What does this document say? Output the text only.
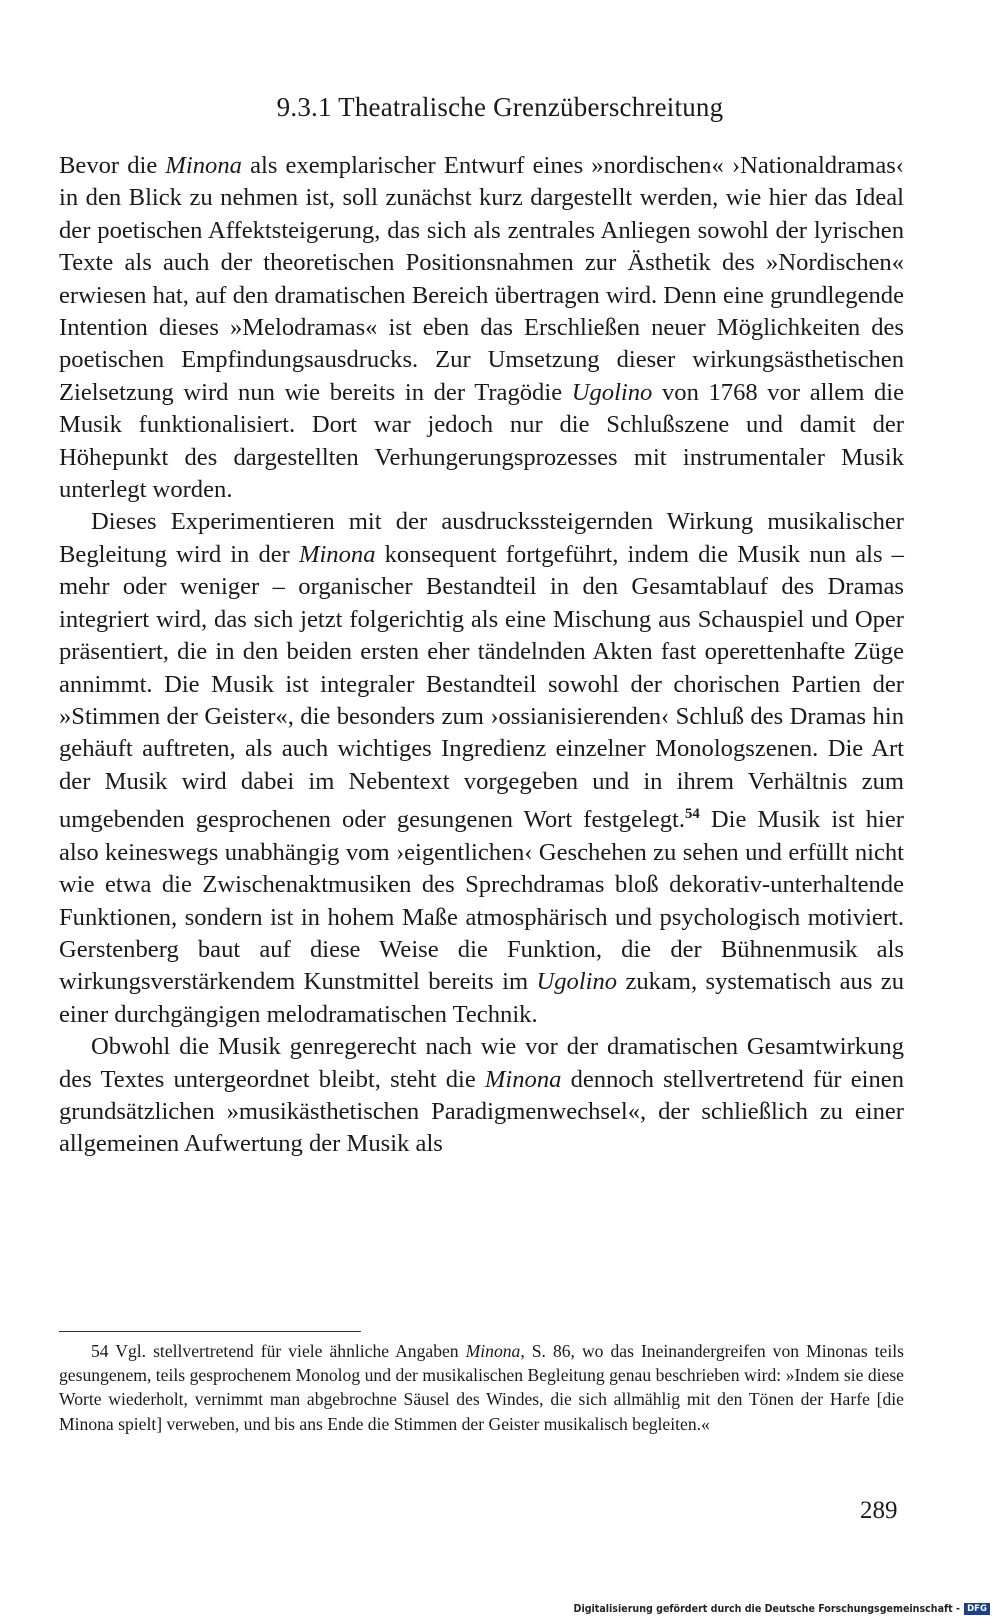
9.3.1 Theatralische Grenzüberschreitung

Bevor die Minona als exemplarischer Entwurf eines »nordischen« ›Nationaldramas‹ in den Blick zu nehmen ist, soll zunächst kurz dargestellt werden, wie hier das Ideal der poetischen Affektsteigerung, das sich als zentrales Anliegen sowohl der lyrischen Texte als auch der theoretischen Positionsnahmen zur Ästhetik des »Nordischen« erwiesen hat, auf den dramatischen Bereich übertragen wird. Denn eine grundlegende Intention dieses »Melodramas« ist eben das Erschließen neuer Möglichkeiten des poetischen Empfindungsausdrucks. Zur Umsetzung dieser wirkungsästhetischen Zielsetzung wird nun wie bereits in der Tragödie Ugolino von 1768 vor allem die Musik funktionalisiert. Dort war jedoch nur die Schlußszene und damit der Höhepunkt des dargestellten Verhungerungsprozesses mit instrumentaler Musik unterlegt worden.

Dieses Experimentieren mit der ausdruckssteigernden Wirkung musikalischer Begleitung wird in der Minona konsequent fortgeführt, indem die Musik nun als – mehr oder weniger – organischer Bestandteil in den Gesamtablauf des Dramas integriert wird, das sich jetzt folgerichtig als eine Mischung aus Schauspiel und Oper präsentiert, die in den beiden ersten eher tändelnden Akten fast operettenhafte Züge annimmt. Die Musik ist integraler Bestandteil sowohl der chorischen Partien der »Stimmen der Geister«, die besonders zum ›ossianisierenden‹ Schluß des Dramas hin gehäuft auftreten, als auch wichtiges Ingredienz einzelner Monologszenen. Die Art der Musik wird dabei im Nebentext vorgegeben und in ihrem Verhältnis zum umgebenden gesprochenen oder gesungenen Wort festgelegt.$^{54}$ Die Musik ist hier also keineswegs unabhängig vom ›eigentlichen‹ Geschehen zu sehen und erfüllt nicht wie etwa die Zwischenaktmusiken des Sprechdramas bloß dekorativ-unterhaltende Funktionen, sondern ist in hohem Maße atmosphärisch und psychologisch motiviert. Gerstenberg baut auf diese Weise die Funktion, die der Bühnenmusik als wirkungsverstärkendem Kunstmittel bereits im Ugolino zukam, systematisch aus zu einer durchgängigen melodramatischen Technik.

Obwohl die Musik genregerecht nach wie vor der dramatischen Gesamtwirkung des Textes untergeordnet bleibt, steht die Minona dennoch stellvertretend für einen grundsätzlichen »musikästhetischen Paradigmenwechsel«, der schließlich zu einer allgemeinen Aufwertung der Musik als

54 Vgl. stellvertretend für viele ähnliche Angaben Minona, S. 86, wo das Ineinandergreifen von Minonas teils gesungenem, teils gesprochenem Monolog und der musikalischen Begleitung genau beschrieben wird: »Indem sie diese Worte wiederholt, vernimmt man abgebrochne Säusel des Windes, die sich allmählig mit den Tönen der Harfe [die Minona spielt] verweben, und bis ans Ende die Stimmen der Geister musikalisch begleiten.«
289
Digitalisierung gefördert durch die Deutsche Forschungsgemeinschaft - DFG
